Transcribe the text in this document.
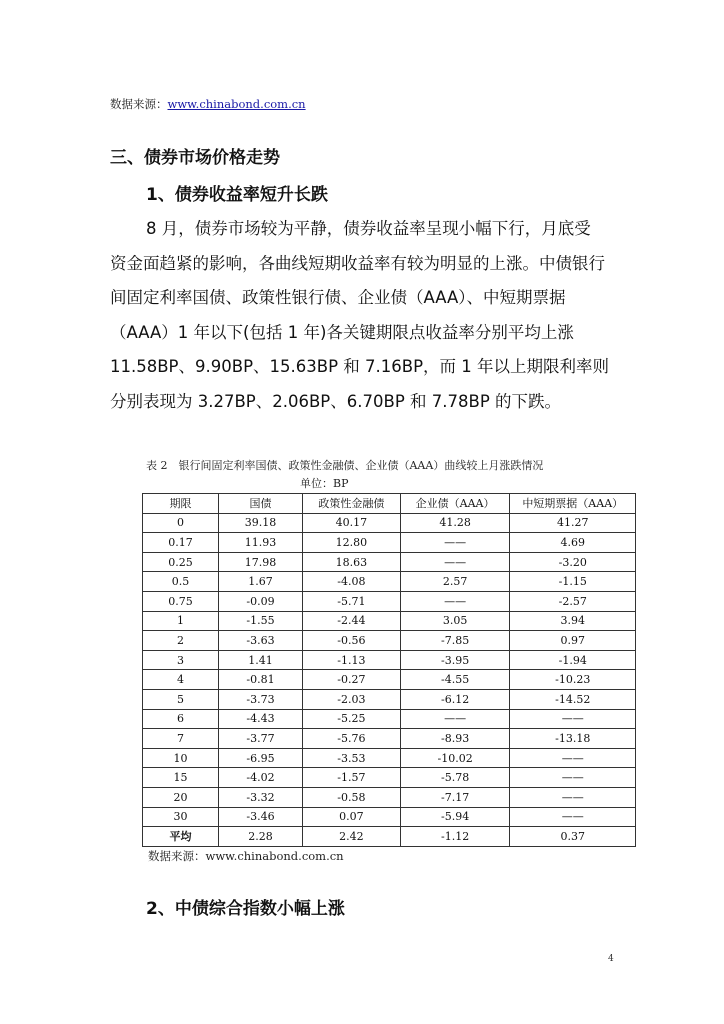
数据来源：www.chinabond.com.cn
三、债券市场价格走势
1、债券收益率短升长跌
8 月，债券市场较为平静，债券收益率呈现小幅下行，月底受
资金面趋紧的影响，各曲线短期收益率有较为明显的上涨。中债银行
间固定利率国债、政策性银行债、企业债（AAA）、中短期票据
（AAA）1 年以下(包括 1 年)各关键期限点收益率分别平均上涨
11.58BP、9.90BP、15.63BP 和 7.16BP，而 1 年以上期限利率则
分别表现为 3.27BP、2.06BP、6.70BP 和 7.78BP 的下跌。
表 2　银行间固定利率国债、政策性金融债、企业债（AAA）曲线较上月涨跌情况
单位：BP
期限	国债	政策性金融债	企业债（AAA）	中短期票据（AAA）
0	39.18	40.17	41.28	41.27
0.17	11.93	12.80	——	4.69
0.25	17.98	18.63	——	-3.20
0.5	1.67	-4.08	2.57	-1.15
0.75	-0.09	-5.71	——	-2.57
1	-1.55	-2.44	3.05	3.94
2	-3.63	-0.56	-7.85	0.97
3	1.41	-1.13	-3.95	-1.94
4	-0.81	-0.27	-4.55	-10.23
5	-3.73	-2.03	-6.12	-14.52
6	-4.43	-5.25	——	——
7	-3.77	-5.76	-8.93	-13.18
10	-6.95	-3.53	-10.02	——
15	-4.02	-1.57	-5.78	——
20	-3.32	-0.58	-7.17	——
30	-3.46	0.07	-5.94	——
平均	2.28	2.42	-1.12	0.37
数据来源：www.chinabond.com.cn
2、中债综合指数小幅上涨
4
